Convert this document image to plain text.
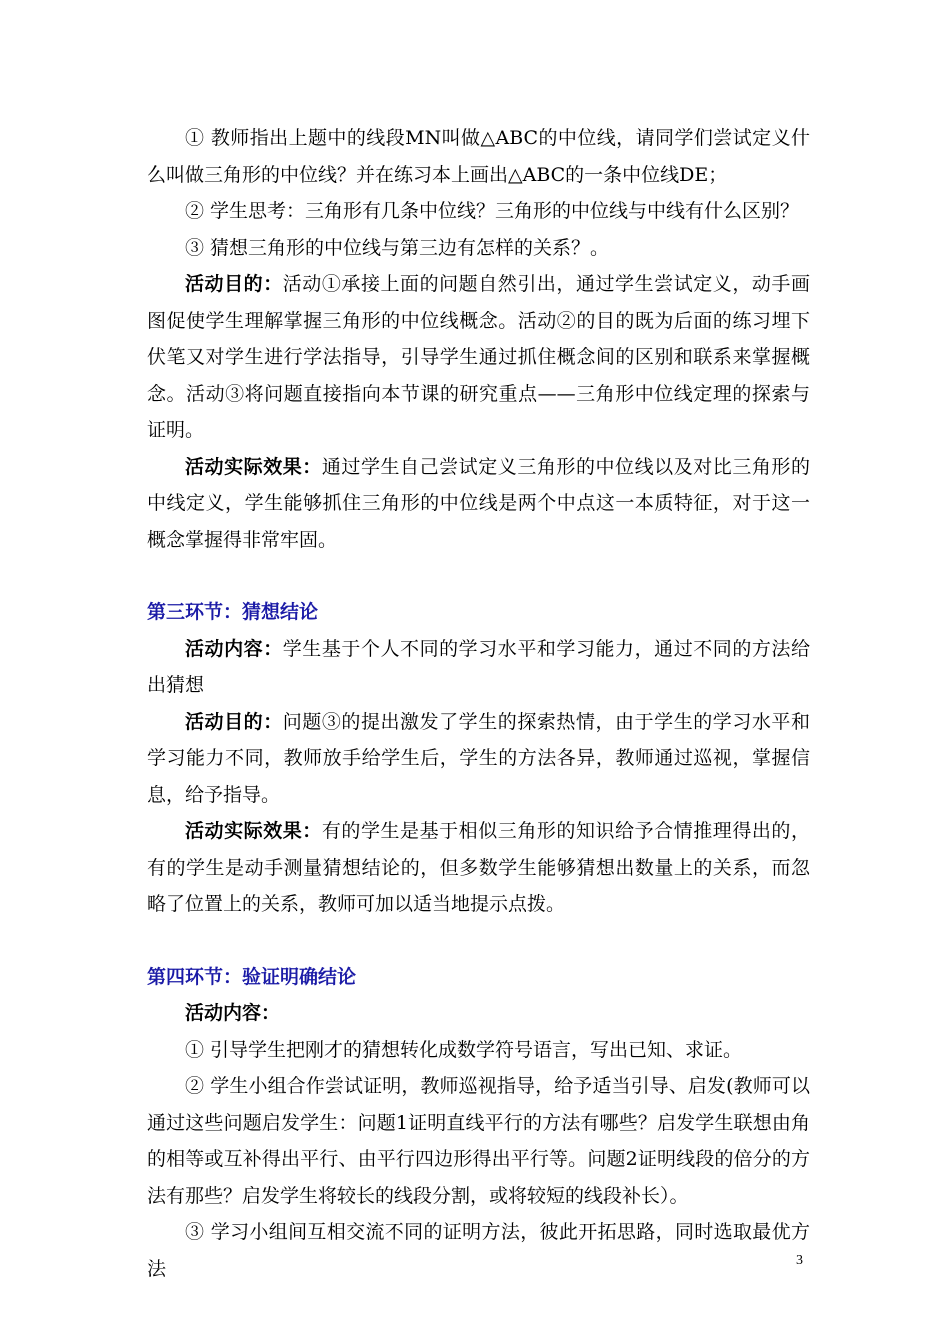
① 教师指出上题中的线段MN叫做△ABC的中位线，请同学们尝试定义什么叫做三角形的中位线？并在练习本上画出△ABC的一条中位线DE；

② 学生思考：三角形有几条中位线？三角形的中位线与中线有什么区别？

③ 猜想三角形的中位线与第三边有怎样的关系？。

活动目的：活动①承接上面的问题自然引出，通过学生尝试定义，动手画图促使学生理解掌握三角形的中位线概念。活动②的目的既为后面的练习埋下伏笔又对学生进行学法指导，引导学生通过抓住概念间的区别和联系来掌握概念。活动③将问题直接指向本节课的研究重点——三角形中位线定理的探索与证明。

活动实际效果：通过学生自己尝试定义三角形的中位线以及对比三角形的中线定义，学生能够抓住三角形的中位线是两个中点这一本质特征，对于这一概念掌握得非常牢固。

第三环节：猜想结论

活动内容：学生基于个人不同的学习水平和学习能力，通过不同的方法给出猜想

活动目的：问题③的提出激发了学生的探索热情，由于学生的学习水平和学习能力不同，教师放手给学生后，学生的方法各异，教师通过巡视，掌握信息，给予指导。

活动实际效果：有的学生是基于相似三角形的知识给予合情推理得出的，有的学生是动手测量猜想结论的，但多数学生能够猜想出数量上的关系，而忽略了位置上的关系，教师可加以适当地提示点拨。

第四环节：验证明确结论

活动内容：

① 引导学生把刚才的猜想转化成数学符号语言，写出已知、求证。

② 学生小组合作尝试证明，教师巡视指导，给予适当引导、启发(教师可以通过这些问题启发学生：问题1证明直线平行的方法有哪些？启发学生联想由角的相等或互补得出平行、由平行四边形得出平行等。问题2证明线段的倍分的方法有那些？启发学生将较长的线段分割，或将较短的线段补长）。

③ 学习小组间互相交流不同的证明方法，彼此开拓思路，同时选取最优方法	3
